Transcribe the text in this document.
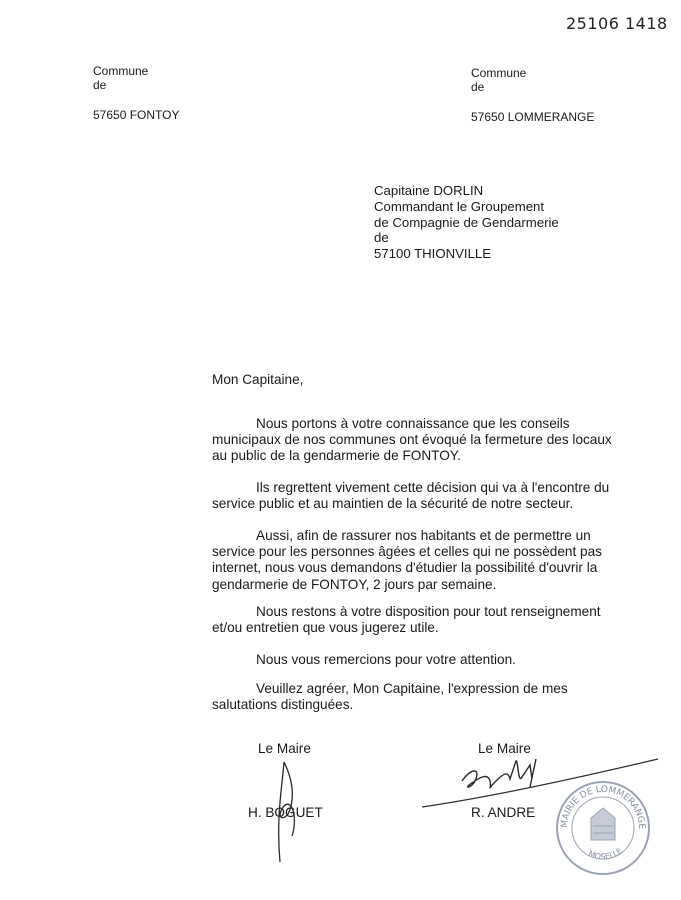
25106 1418
Commune
de
57650 FONTOY
Commune
de
57650 LOMMERANGE
Capitaine DORLIN
Commandant le Groupement
de Compagnie de Gendarmerie
de
57100 THIONVILLE
Mon Capitaine,

Nous portons à votre connaissance que les conseils municipaux de nos communes ont évoqué la fermeture des locaux au public de la gendarmerie de FONTOY.

Ils regrettent vivement cette décision qui va à l'encontre du service public et au maintien de la sécurité de notre secteur.

Aussi, afin de rassurer nos habitants et de permettre un service pour les personnes âgées et celles qui ne possèdent pas internet, nous vous demandons d'étudier la possibilité d'ouvrir la gendarmerie de FONTOY, 2 jours par semaine.

Nous restons à votre disposition pour tout renseignement et/ou entretien que vous jugerez utile.

Nous vous remercions pour votre attention.

Veuillez agréer, Mon Capitaine, l'expression de mes salutations distinguées.

Le Maire
H. BOGUET
Le Maire
R. ANDRE
MAIRIE DE LOMMERANGE
MOSELLE
